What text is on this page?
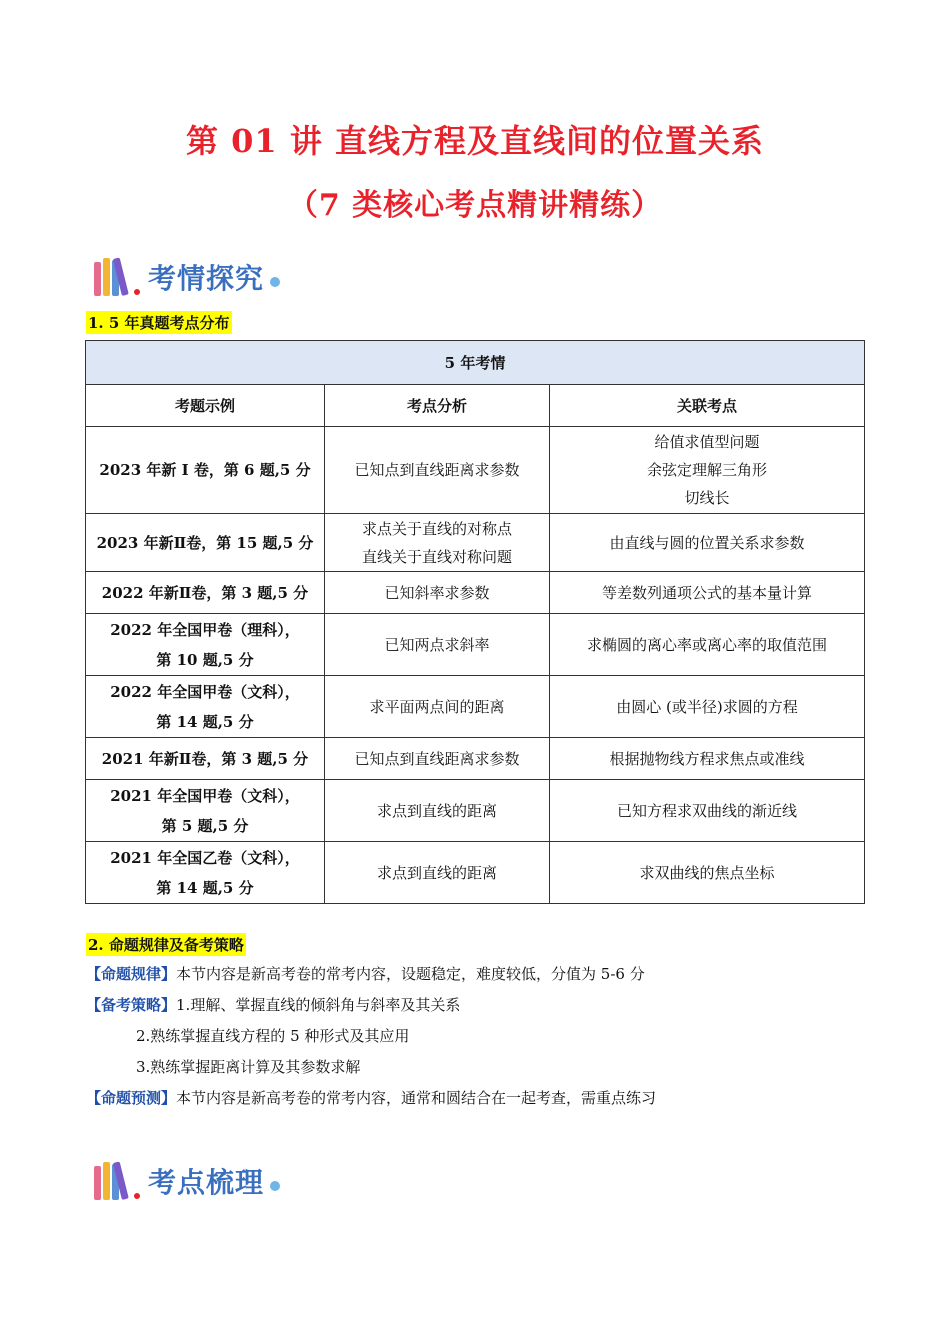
第 01 讲 直线方程及直线间的位置关系
（7 类核心考点精讲精练）
考情探究
1. 5 年真题考点分布
5 年考情		
考题示例	考点分析	关联考点

2023 年新 I 卷，第 6 题,5 分	已知点到直线距离求参数	给值求值型问题
余弦定理解三角形
切线长

2023 年新Ⅱ卷，第 15 题,5 分	求点关于直线的对称点
直线关于直线对称问题	由直线与圆的位置关系求参数

2022 年新Ⅱ卷，第 3 题,5 分	已知斜率求参数	等差数列通项公式的基本量计算

2022 年全国甲卷（理科），
第 10 题,5 分	已知两点求斜率	求椭圆的离心率或离心率的取值范围

2022 年全国甲卷（文科），
第 14 题,5 分	求平面两点间的距离	由圆心 (或半径)求圆的方程

2021 年新Ⅱ卷，第 3 题,5 分	已知点到直线距离求参数	根据抛物线方程求焦点或准线

2021 年全国甲卷（文科），
第 5 题,5 分	求点到直线的距离	已知方程求双曲线的渐近线

2021 年全国乙卷（文科），
第 14 题,5 分	求点到直线的距离	求双曲线的焦点坐标
2. 命题规律及备考策略
【命题规律】本节内容是新高考卷的常考内容，设题稳定，难度较低，分值为 5-6 分
【备考策略】1.理解、掌握直线的倾斜角与斜率及其关系
2.熟练掌握直线方程的 5 种形式及其应用
3.熟练掌握距离计算及其参数求解
【命题预测】本节内容是新高考卷的常考内容，通常和圆结合在一起考查，需重点练习
考点梳理
